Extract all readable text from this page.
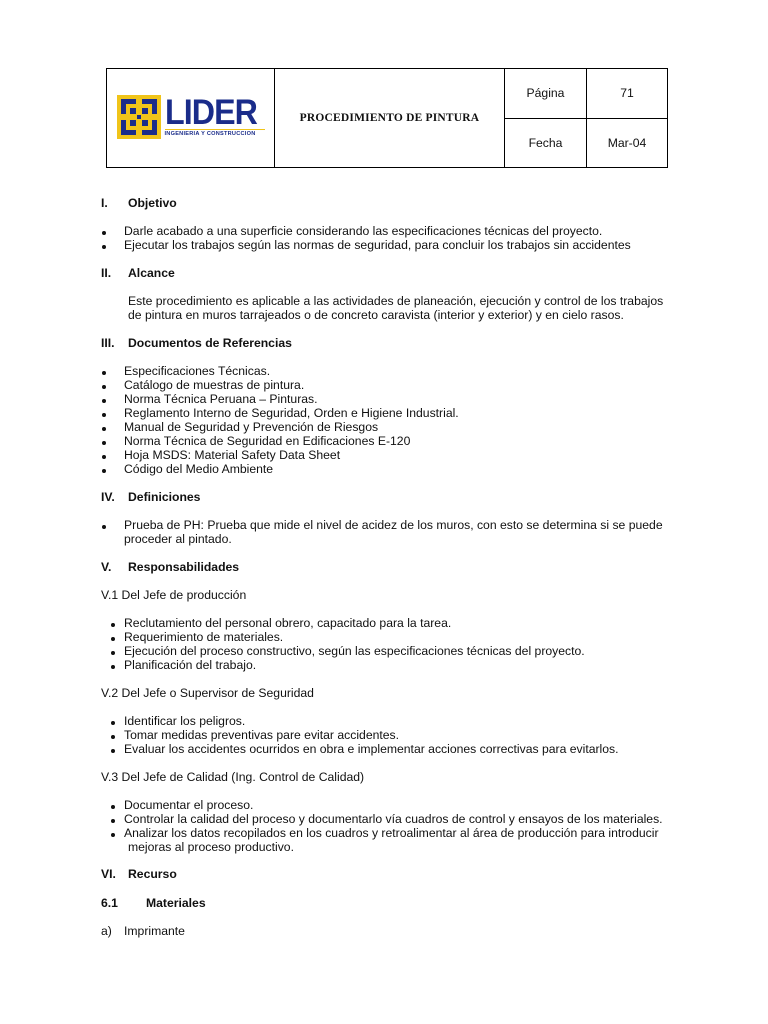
LIDER
INGENIERIA Y CONSTRUCCION	PROCEDIMIENTO DE PINTURA	Página	71
		Fecha	Mar-04
I. Objetivo
Darle acabado a una superficie considerando las especificaciones técnicas del proyecto.
Ejecutar los trabajos según las normas de seguridad, para concluir los trabajos sin accidentes
II. Alcance
Este procedimiento es aplicable a las actividades de planeación, ejecución y control de los trabajos
de pintura en muros tarrajeados o de concreto caravista (interior y exterior) y en cielo rasos.
III. Documentos de Referencias
Especificaciones Técnicas.
Catálogo de muestras de pintura.
Norma Técnica Peruana – Pinturas.
Reglamento Interno de Seguridad, Orden e Higiene Industrial.
Manual de Seguridad y Prevención de Riesgos
Norma Técnica de Seguridad en Edificaciones E-120
Hoja MSDS: Material Safety Data Sheet
Código del Medio Ambiente
IV. Definiciones
Prueba de PH: Prueba que mide el nivel de acidez de los muros, con esto se determina si se puede
proceder al pintado.
V. Responsabilidades
V.1 Del Jefe de producción
Reclutamiento del personal obrero, capacitado para la tarea.
Requerimiento de materiales.
Ejecución del proceso constructivo, según las especificaciones técnicas del proyecto.
Planificación del trabajo.
V.2 Del Jefe o Supervisor de Seguridad
Identificar los peligros.
Tomar medidas preventivas pare evitar accidentes.
Evaluar los accidentes ocurridos en obra e implementar acciones correctivas para evitarlos.
V.3 Del Jefe de Calidad (Ing. Control de Calidad)
Documentar el proceso.
Controlar la calidad del proceso y documentarlo vía cuadros de control y ensayos de los materiales.
Analizar los datos recopilados en los cuadros y retroalimentar al área de producción para introducir
mejoras al proceso productivo.
VI. Recurso
6.1 Materiales
a) Imprimante
